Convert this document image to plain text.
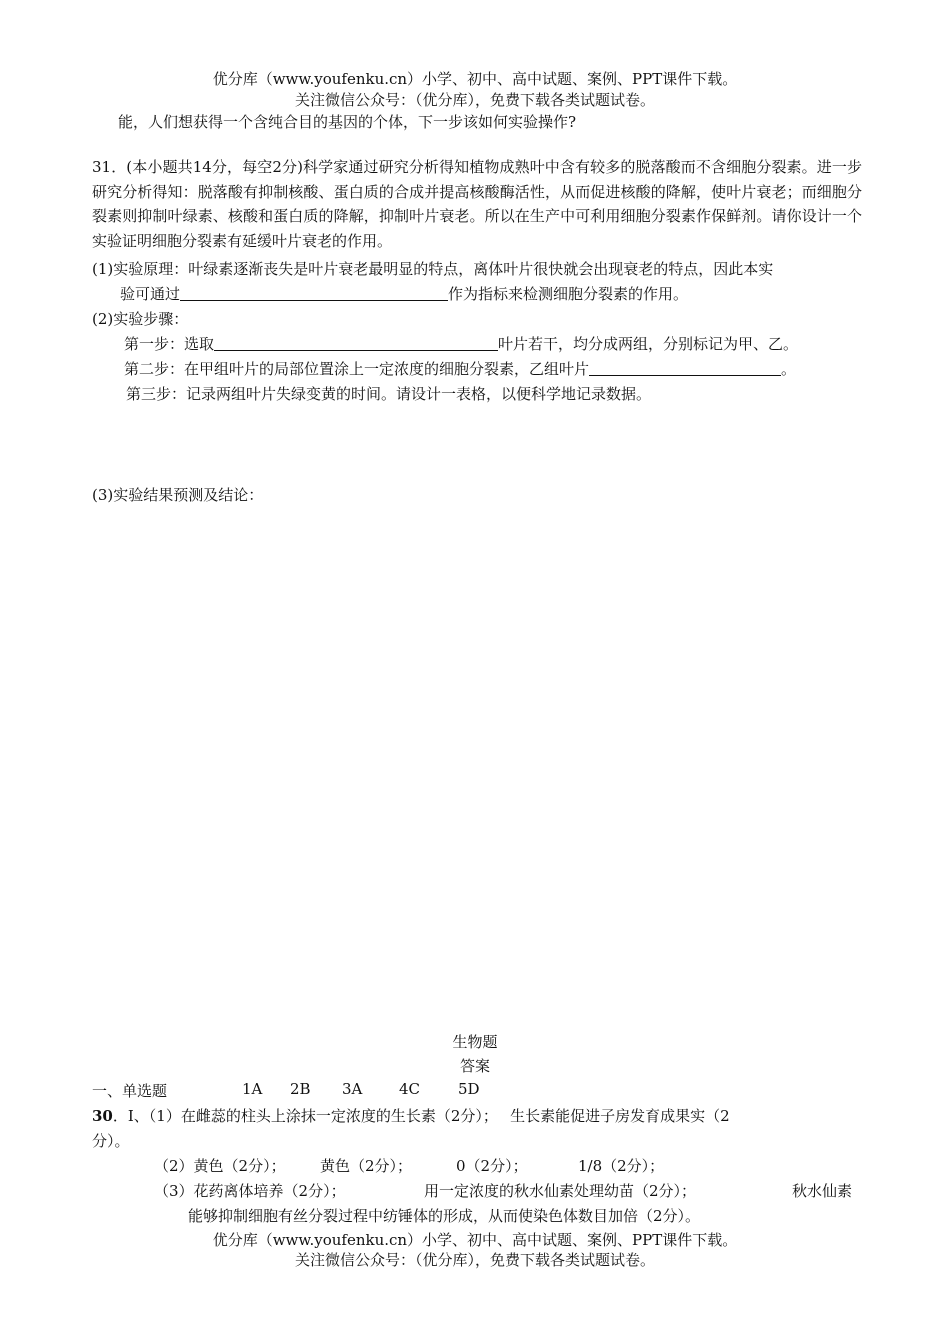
优分库（www.youfenku.cn）小学、初中、高中试题、案例、PPT课件下载。
关注微信公众号：（优分库），免费下载各类试题试卷。
能，人们想获得一个含纯合目的基因的个体，下一步该如何实验操作?
31．(本小题共14分，每空2分)科学家通过研究分析得知植物成熟叶中含有较多的脱落酸而不含细胞分裂素。进一步研究分析得知：脱落酸有抑制核酸、蛋白质的合成并提高核酸酶活性，从而促进核酸的降解，使叶片衰老；而细胞分裂素则抑制叶绿素、核酸和蛋白质的降解，抑制叶片衰老。所以在生产中可利用细胞分裂素作保鲜剂。请你设计一个实验证明细胞分裂素有延缓叶片衰老的作用。
(1)实验原理：叶绿素逐渐丧失是叶片衰老最明显的特点，离体叶片很快就会出现衰老的特点，因此本实
验可通过	作为指标来检测细胞分裂素的作用。
(2)实验步骤：
第一步：选取	叶片若干，均分成两组，分别标记为甲、乙。
第二步：在甲组叶片的局部位置涂上一定浓度的细胞分裂素，乙组叶片	。
第三步：记录两组叶片失绿变黄的时间。请设计一表格，以便科学地记录数据。
(3)实验结果预测及结论：
生物题
答案
一、单选题	1A 2B 3A 4C	5D
30．Ⅰ、（1）在雌蕊的柱头上涂抹一定浓度的生长素（2分）；　 生长素能促进子房发育成果实（2
分）。
（2）黄色（2分）； 黄色（2分）；	0（2分）；	1/8（2分）；
（3）花药离体培养（2分）；	用一定浓度的秋水仙素处理幼苗（2分）；	秋水仙素
能够抑制细胞有丝分裂过程中纺锤体的形成，从而使染色体数目加倍（2分）。
优分库（www.youfenku.cn）小学、初中、高中试题、案例、PPT课件下载。
关注微信公众号：（优分库），免费下载各类试题试卷。
